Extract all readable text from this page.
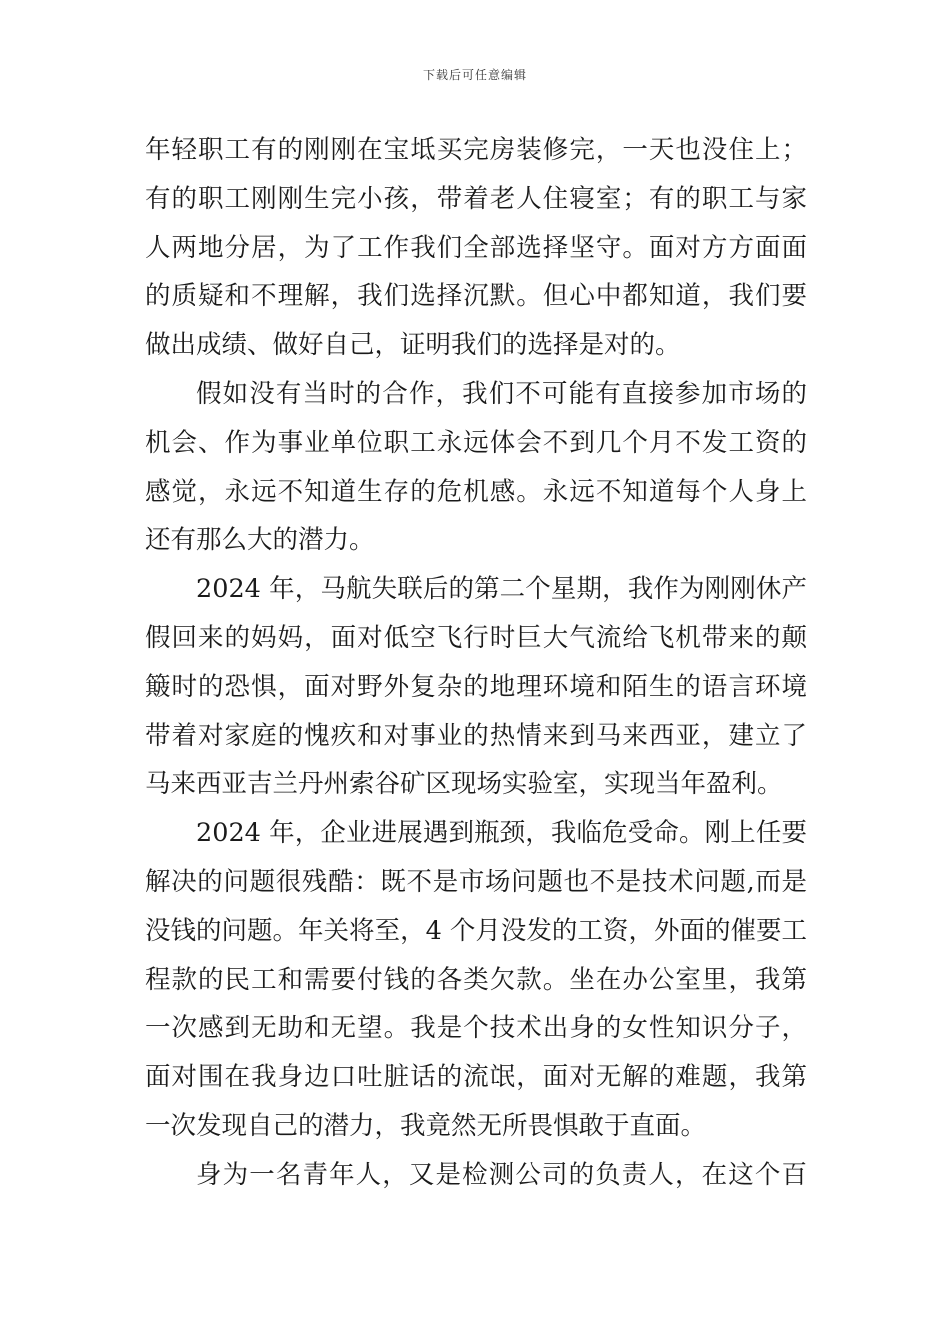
下载后可任意编辑
年轻职工有的刚刚在宝坻买完房装修完，一天也没住上；
有的职工刚刚生完小孩，带着老人住寝室；有的职工与家
人两地分居，为了工作我们全部选择坚守。面对方方面面
的质疑和不理解，我们选择沉默。但心中都知道，我们要
做出成绩、做好自己，证明我们的选择是对的。
假如没有当时的合作，我们不可能有直接参加市场的
机会、作为事业单位职工永远体会不到几个月不发工资的
感觉，永远不知道生存的危机感。永远不知道每个人身上
还有那么大的潜力。
2024 年，马航失联后的第二个星期，我作为刚刚休产
假回来的妈妈，面对低空飞行时巨大气流给飞机带来的颠
簸时的恐惧，面对野外复杂的地理环境和陌生的语言环境
带着对家庭的愧疚和对事业的热情来到马来西亚，建立了
马来西亚吉兰丹州索谷矿区现场实验室，实现当年盈利。
2024 年，企业进展遇到瓶颈，我临危受命。刚上任要
解决的问题很残酷：既不是市场问题也不是技术问题,而是
没钱的问题。年关将至，4 个月没发的工资，外面的催要工
程款的民工和需要付钱的各类欠款。坐在办公室里，我第
一次感到无助和无望。我是个技术出身的女性知识分子，
面对围在我身边口吐脏话的流氓，面对无解的难题，我第
一次发现自己的潜力，我竟然无所畏惧敢于直面。
身为一名青年人，又是检测公司的负责人，在这个百
